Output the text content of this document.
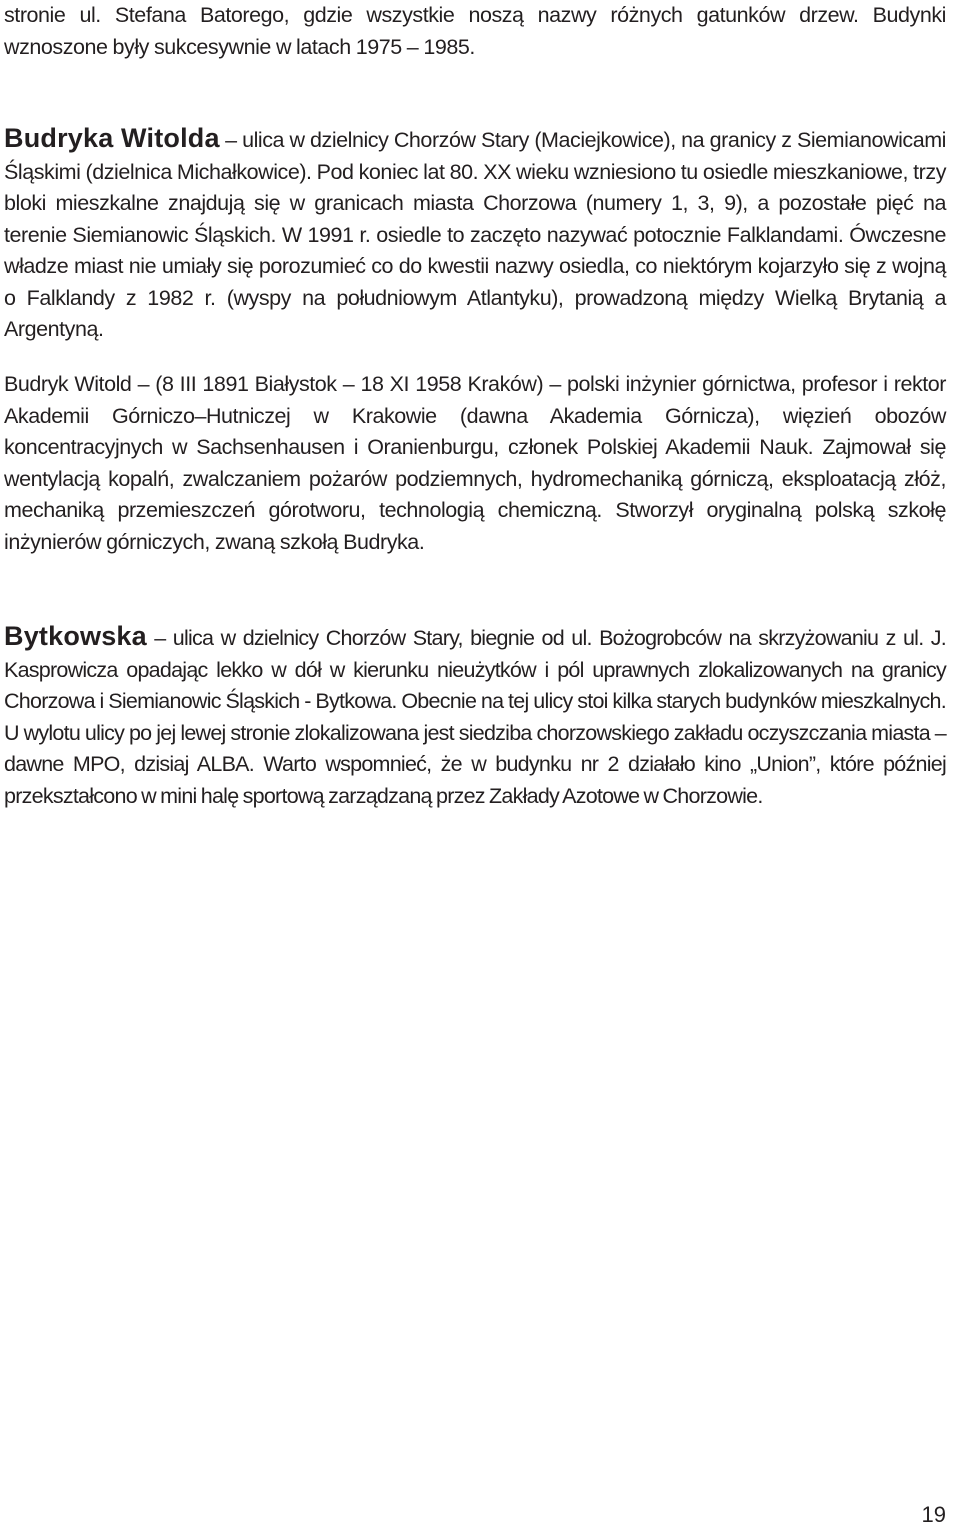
stronie ul. Stefana Batorego, gdzie wszystkie noszą nazwy różnych gatunków drzew. Budynki wznoszone były sukcesywnie w latach 1975 – 1985.

Budryka Witolda – ulica w dzielnicy Chorzów Stary (Maciejkowice), na granicy z Siemianowicami Śląskimi (dzielnica Michałkowice). Pod koniec lat 80. XX wieku wzniesiono tu osiedle mieszkaniowe, trzy bloki mieszkalne znajdują się w granicach miasta Chorzowa (numery 1, 3, 9), a pozostałe pięć na terenie Siemianowic Śląskich. W 1991 r. osiedle to zaczęto nazywać potocznie Falklandami. Ówczesne władze miast nie umiały się porozumieć co do kwestii nazwy osiedla, co niektórym kojarzyło się z wojną o Falklandy z 1982 r. (wyspy na południowym Atlantyku), prowadzoną między Wielką Brytanią a Argentyną.

Budryk Witold – (8 III 1891 Białystok – 18 XI 1958 Kraków) – polski inżynier górnictwa, profesor i rektor Akademii Górniczo–Hutniczej w Krakowie (dawna Akademia Górnicza), więzień obozów koncentracyjnych w Sachsenhausen i Oranienburgu, członek Polskiej Akademii Nauk. Zajmował się wentylacją kopalń, zwalczaniem pożarów podziemnych, hydromechaniką górniczą, eksploatacją złóż, mechaniką przemieszczeń górotworu, technologią chemiczną. Stworzył oryginalną polską szkołę inżynierów górniczych, zwaną szkołą Budryka.

Bytkowska – ulica w dzielnicy Chorzów Stary, biegnie od ul. Bożogrobców na skrzyżowaniu z ul. J. Kasprowicza opadając lekko w dół w kierunku nieużytków i pól uprawnych zlokalizowanych na granicy Chorzowa i Siemianowic Śląskich - Bytkowa. Obecnie na tej ulicy stoi kilka starych budynków mieszkalnych. U wylotu ulicy po jej lewej stronie zlokalizowana jest siedziba chorzowskiego zakładu oczyszczania miasta – dawne MPO, dzisiaj ALBA. Warto wspomnieć, że w budynku nr 2 działało kino „Union”, które później przekształcono w mini halę sportową zarządzaną przez Zakłady Azotowe w Chorzowie.

19
